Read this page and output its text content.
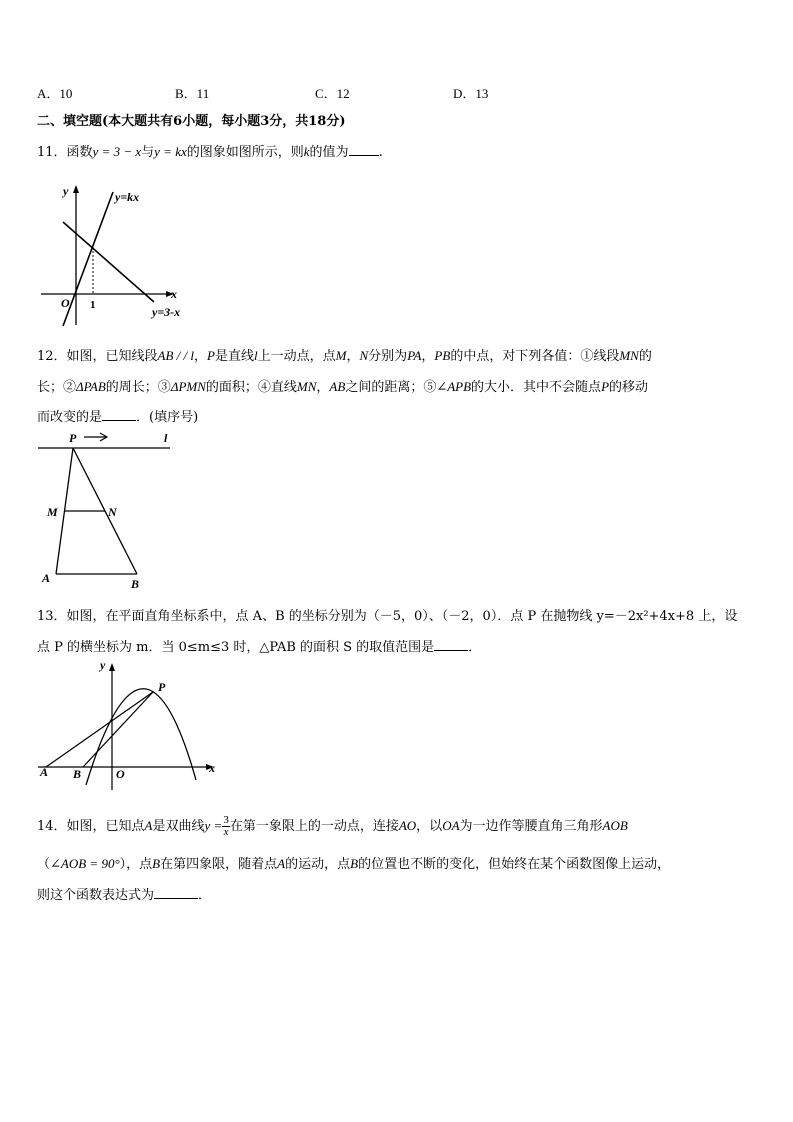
A．10	B．11	C．12	D．13
二、填空题(本大题共有6小题，每小题3分，共18分)
11．函数y = 3 − x与y = kx的图象如图所示，则k的值为 .
y
x
O 1
y=kx
y=3-x
12．如图，已知线段AB / / l，P是直线l上一动点，点M，N分别为PA，PB的中点，对下列各值：①线段MN的
长；②ΔPAB的周长；③ΔPMN的面积；④直线MN，AB之间的距离；⑤∠APB的大小．其中不会随点P的移动
而改变的是	．(填序号)
P	l
M	N
A	B
13．如图，在平面直角坐标系中，点 A、B 的坐标分别为（－5，0）、（－2，0）．点 P 在抛物线 y=－2x²+4x+8 上，设
点 P 的横坐标为 m．当 0≤m≤3 时，△PAB 的面积 S 的取值范围是	．
y
x
A B	O
P
14．如图，已知点A是双曲线$y = \frac{3}{x}$ 在第一象限上的一动点，连接AO，以OA为一边作等腰直角三角形AOB
（∠AOB = 90°），点B在第四象限，随着点A的运动，点B的位置也不断的变化，但始终在某个函数图像上运动，
则这个函数表达式为	．
